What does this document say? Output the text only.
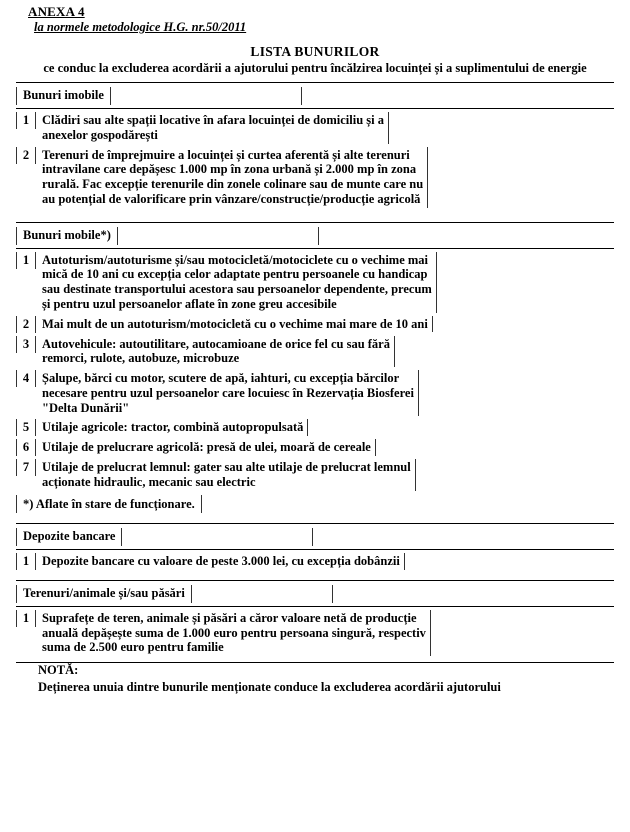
ANEXA 4
la normele metodologice H.G. nr.50/2011
LISTA BUNURILOR
ce conduc la excluderea acordării a ajutorului pentru încălzirea locuinței și a suplimentului de energie
Bunuri imobile
1	Clădiri sau alte spații locative în afara locuinței de domiciliu și a
anexelor gospodărești
2	Terenuri de împrejmuire a locuinței și curtea aferentă și alte terenuri
intravilane care depășesc 1.000 mp în zona urbană și 2.000 mp în zona
rurală. Fac excepție terenurile din zonele colinare sau de munte care nu
au potențial de valorificare prin vânzare/construcție/producție agricolă
Bunuri mobile*)
1	Autoturism/autoturisme și/sau motocicletă/motociclete cu o vechime mai
mică de 10 ani cu excepția celor adaptate pentru persoanele cu handicap
sau destinate transportului acestora sau persoanelor dependente, precum
și pentru uzul persoanelor aflate în zone greu accesibile
2	Mai mult de un autoturism/motocicletă cu o vechime mai mare de 10 ani
3	Autovehicule: autoutilitare, autocamioane de orice fel cu sau fără
remorci, rulote, autobuze, microbuze
4	Șalupe, bărci cu motor, scutere de apă, iahturi, cu excepția bărcilor
necesare pentru uzul persoanelor care locuiesc în Rezervația Biosferei
"Delta Dunării"
5	Utilaje agricole: tractor, combină autopropulsată
6	Utilaje de prelucrare agricolă: presă de ulei, moară de cereale
7	Utilaje de prelucrat lemnul: gater sau alte utilaje de prelucrat lemnul
acționate hidraulic, mecanic sau electric
*) Aflate în stare de funcționare.
Depozite bancare
1	Depozite bancare cu valoare de peste 3.000 lei, cu excepția dobânzii
Terenuri/animale și/sau păsări
1	Suprafețe de teren, animale și păsări a căror valoare netă de producție
anuală depășește suma de 1.000 euro pentru persoana singură, respectiv
suma de 2.500 euro pentru familie
NOTĂ:
Deținerea unuia dintre bunurile menționate conduce la excluderea acordării ajutorului
